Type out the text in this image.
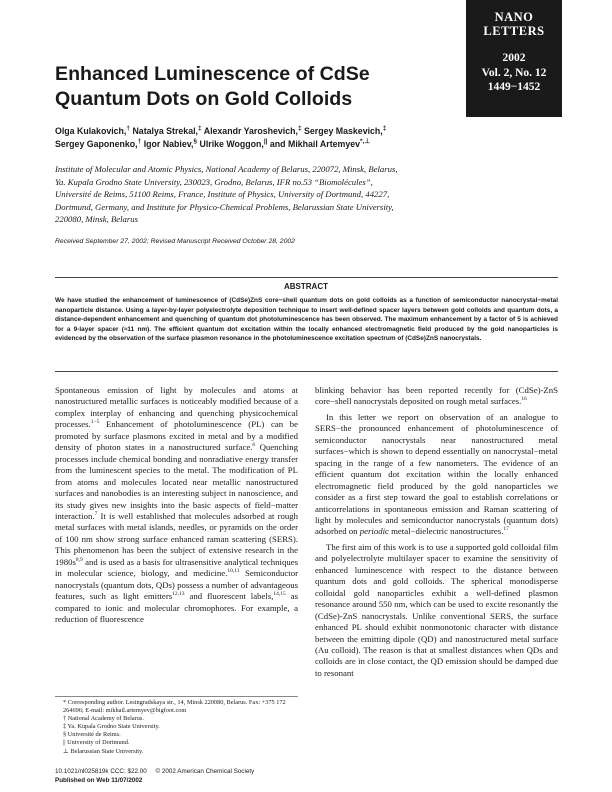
NANO
LETTERS
2002
Vol. 2, No. 12
1449−1452
Enhanced Luminescence of CdSe
Quantum Dots on Gold Colloids
Olga Kulakovich,† Natalya Strekal,‡ Alexandr Yaroshevich,‡ Sergey Maskevich,‡
Sergey Gaponenko,† Igor Nabiev,§ Ulrike Woggon,|| and Mikhail Artemyev*,⊥
Institute of Molecular and Atomic Physics, National Academy of Belarus, 220072, Minsk, Belarus, Ya. Kupala Grodno State University, 230023, Grodno, Belarus, IFR no.53 “Biomolécules”, Université de Reims, 51100 Reims, France, Institute of Physics, University of Dortmund, 44227, Dortmund, Germany, and Institute for Physico-Chemical Problems, Belarussian State University, 220080, Minsk, Belarus
Received September 27, 2002; Revised Manuscript Received October 28, 2002
ABSTRACT

We have studied the enhancement of luminescence of (CdSe)ZnS core−shell quantum dots on gold colloids as a function of semiconductor nanocrystal−metal nanoparticle distance. Using a layer-by-layer polyelectrolyte deposition technique to insert well-defined spacer layers between gold colloids and quantum dots, a distance-dependent enhancement and quenching of quantum dot photoluminescence has been observed. The maximum enhancement by a factor of 5 is achieved for a 9-layer spacer (≈11 nm). The efficient quantum dot excitation within the locally enhanced electromagnetic field produced by the gold nanoparticles is evidenced by the observation of the surface plasmon resonance in the photoluminescence excitation spectrum of (CdSe)ZnS nanocrystals.

Spontaneous emission of light by molecules and atoms at nanostructured metallic surfaces is noticeably modified because of a complex interplay of enhancing and quenching physicochemical processes.$^{1-5}$ Enhancement of photoluminescence (PL) can be promoted by surface plasmons excited in metal and by a modified density of photon states in a nanostructured surface.$^6$ Quenching processes include chemical bonding and nonradiative energy transfer from the luminescent species to the metal. The modification of PL from atoms and molecules located near metallic nanostructured surfaces and nanobodies is an interesting subject in nanoscience, and its study gives new insights into the basic aspects of field−matter interaction.$^7$ It is well established that molecules adsorbed at rough metal surfaces with metal islands, needles, or pyramids on the order of 100 nm show strong surface enhanced raman scattering (SERS). This phenomenon has been the subject of extensive research in the $1980s^{8,9}$ and is used as a basis for ultrasensitive analytical techniques in molecular science, biology, and medicine.$^{10,11}$ Semiconductor nanocrystals (quantum dots, QDs) possess a number of advantageous features, such as light emitters$^{12,13}$ and fluorescent labels,$^{14,15}$ as compared to ionic and molecular chromophores. For example, a reduction of fluorescence

blinking behavior has been reported recently for (CdSe)-ZnS core−shell nanocrystals deposited on rough metal surfaces.$^{16}$

In this letter we report on observation of an analogue to SERS−the pronounced enhancement of photoluminescence of semiconductor nanocrystals near nanostructured metal surfaces−which is shown to depend essentially on nanocrystal−metal spacing in the range of a few nanometers. The evidence of an efficient quantum dot excitation within the locally enhanced electromagnetic field produced by the gold nanoparticles we consider as a first step toward the goal to establish correlations or anticorrelations in spontaneous emission and Raman scattering of light by molecules and semiconductor nanocrystals (quantum dots) adsorbed on periodic metal−dielectric nanostructures.$^{17}$

The first aim of this work is to use a supported gold colloidal film and polyelectrolyte multilayer spacer to examine the sensitivity of enhanced luminescence with respect to the distance between quantum dots and gold colloids. The spherical monodisperse colloidal gold nanoparticles exhibit a well-defined plasmon resonance around 550 nm, which can be used to excite resonantly the (CdSe)-ZnS nanocrystals. Unlike conventional SERS, the surface enhanced PL should exhibit nonmonotonic character with distance between the emitting dipole (QD) and nanostructured metal surface (Au colloid). The reason is that at smallest distances when QDs and colloids are in close contact, the QD emission should be damped due to resonant

* Corresponding author. Lesingradskaya str., 14, Minsk 220080, Belarus. Fax: +375 172 264696; E-mail: mikhail.artemyev@bigfoot.com
† National Academy of Belarus.
‡ Ya. Kupala Grodno State University.
§ Université de Reims.
|| University of Dortmund.
⊥ Belarussian State University.
10.1021/nl025819k CCC: $22.00     © 2002 American Chemical Society
Published on Web 11/07/2002
